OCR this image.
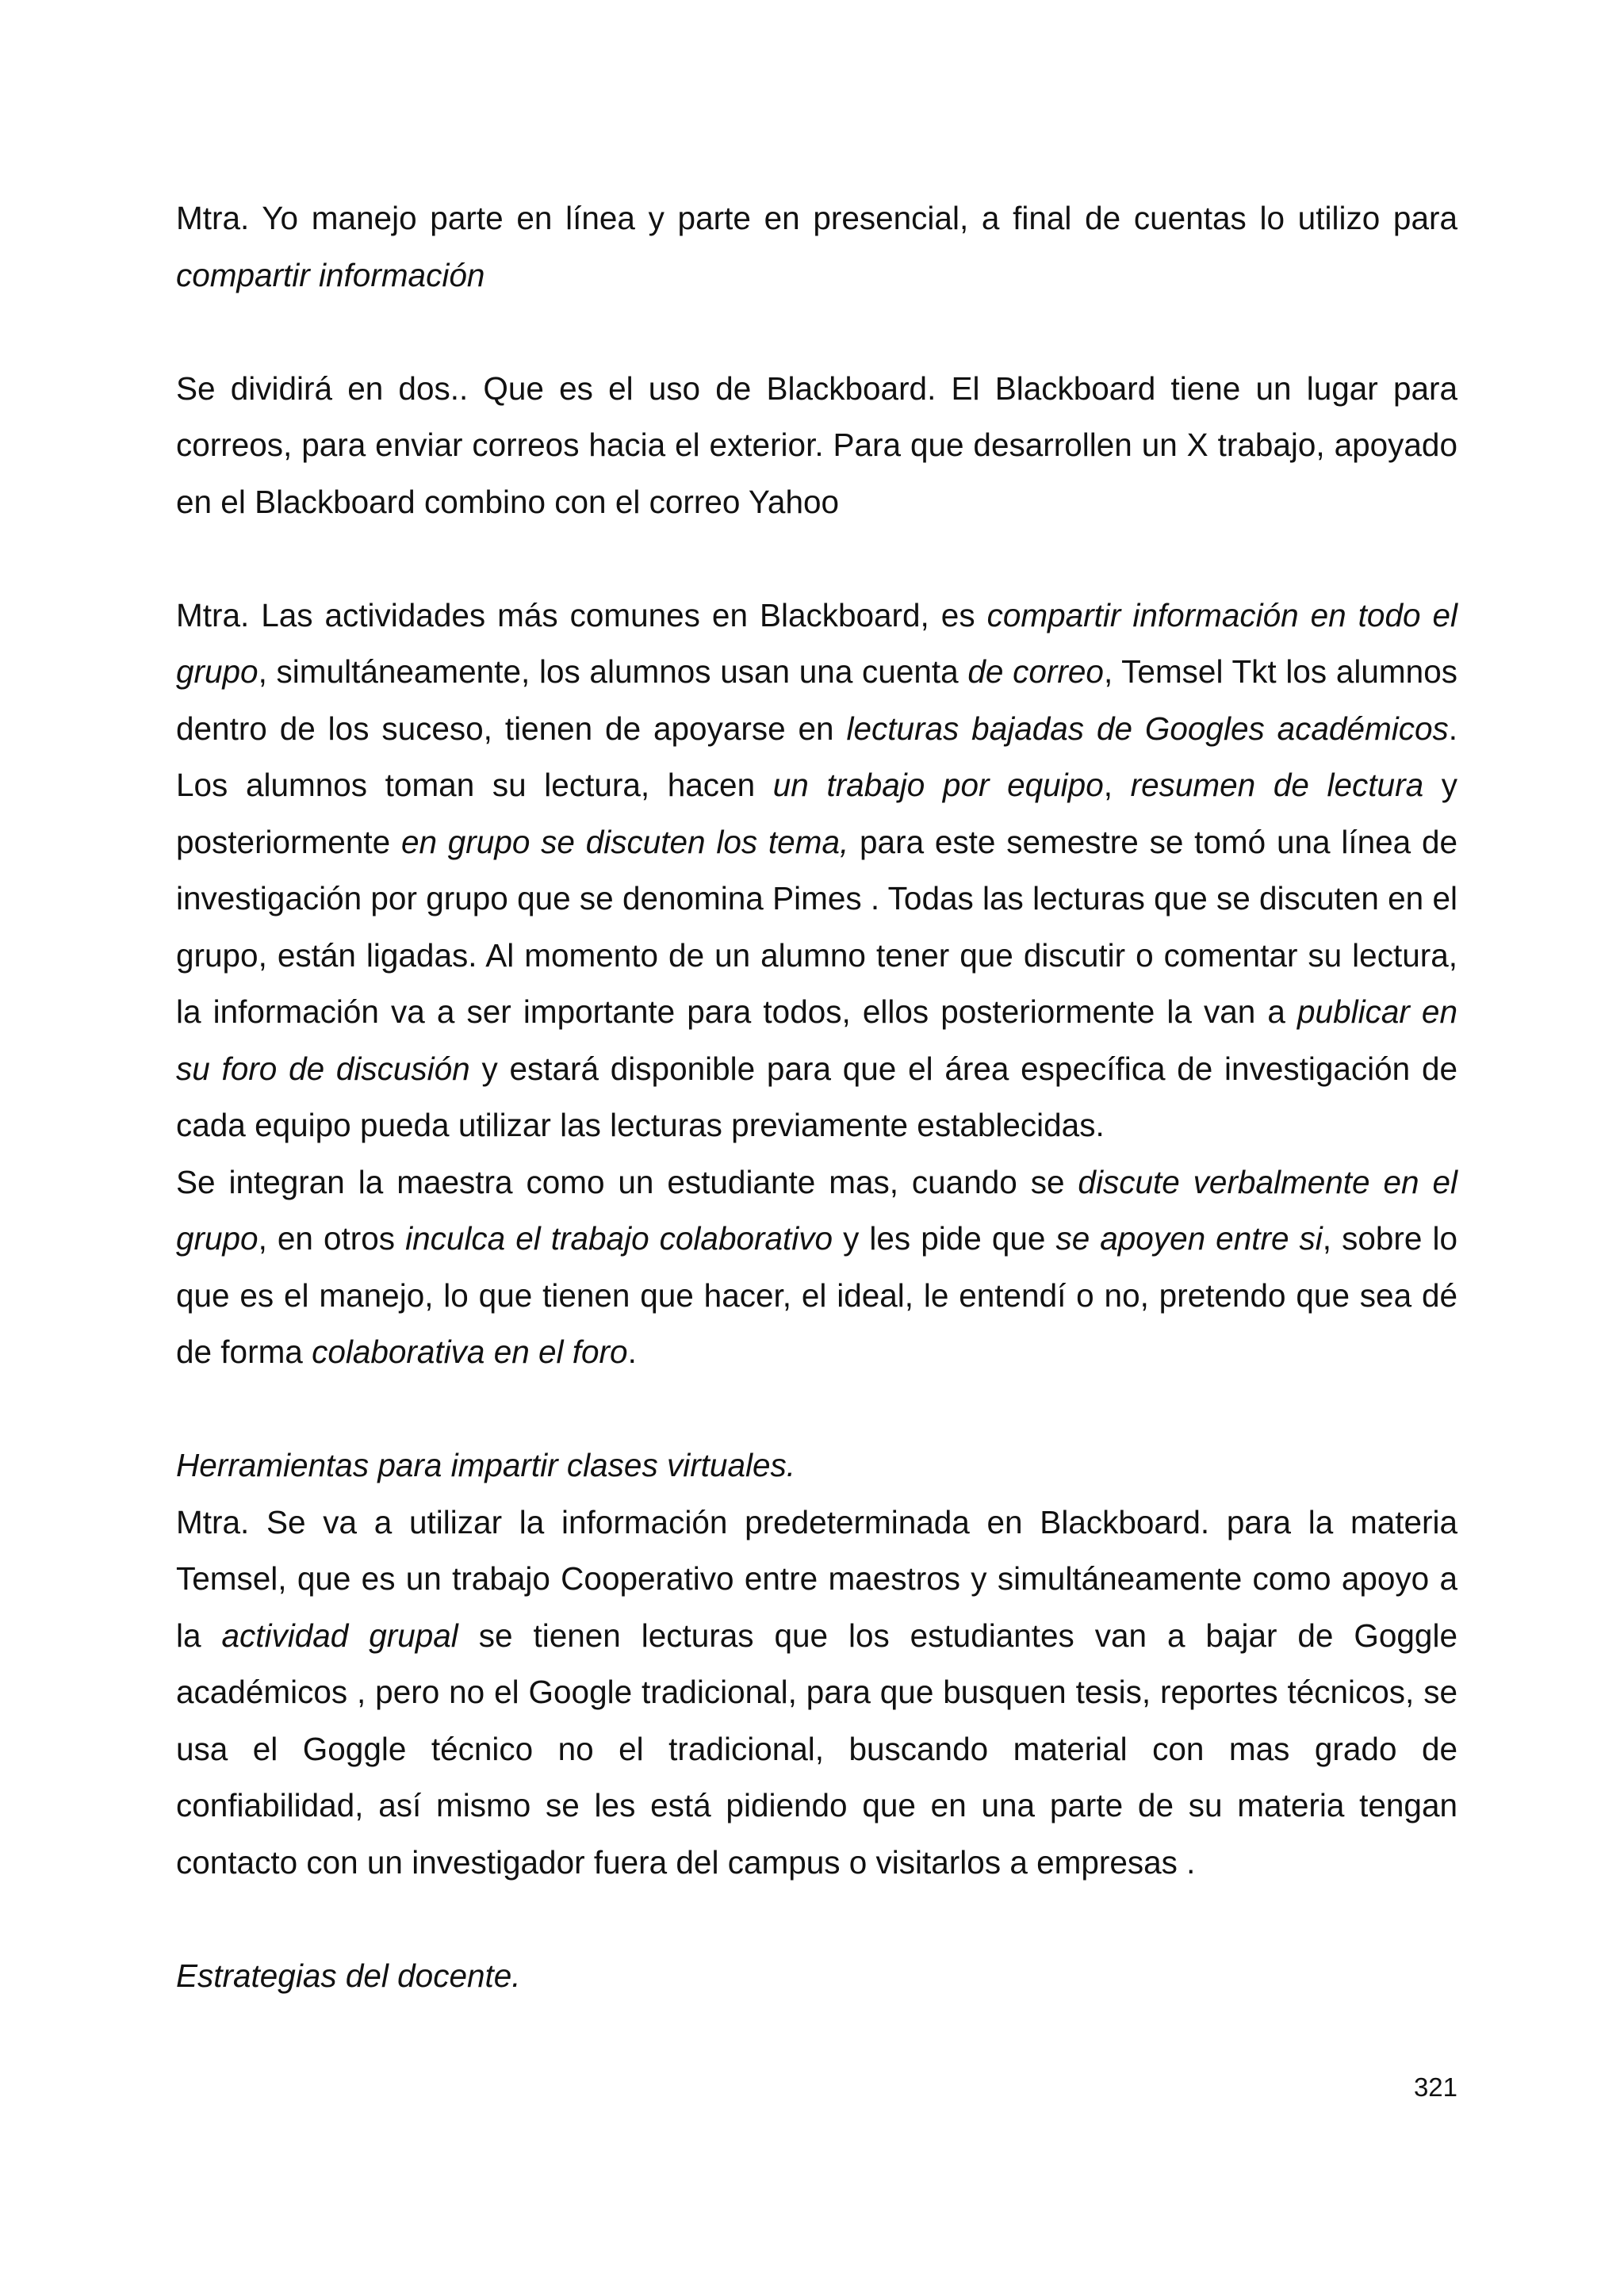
Mtra. Yo manejo parte en línea y parte en presencial, a final de cuentas lo utilizo para compartir información

Se dividirá en dos.. Que es el uso de Blackboard. El Blackboard tiene un lugar para correos, para enviar correos hacia el exterior. Para que desarrollen un X trabajo, apoyado en el Blackboard combino con el correo Yahoo

Mtra. Las actividades más comunes en Blackboard, es compartir información en todo el grupo, simultáneamente, los alumnos usan una cuenta de correo, Temsel Tkt los alumnos dentro de los suceso, tienen de apoyarse en lecturas bajadas de Googles académicos. Los alumnos toman su lectura, hacen un trabajo por equipo, resumen de lectura y posteriormente en grupo se discuten los tema, para este semestre se tomó una línea de investigación por grupo que se denomina Pimes . Todas las lecturas que se discuten en el grupo, están ligadas. Al momento de un alumno tener que discutir o comentar su lectura, la información va a ser importante para todos, ellos posteriormente la van a publicar en su foro de discusión y estará disponible para que el área específica de investigación de cada equipo pueda utilizar las lecturas previamente establecidas.

Se integran la maestra como un estudiante mas, cuando se discute verbalmente en el grupo, en otros inculca el trabajo colaborativo y les pide que se apoyen entre si, sobre lo que es el manejo, lo que tienen que hacer, el ideal, le entendí o no, pretendo que sea dé de forma colaborativa en el foro.

Herramientas para impartir clases virtuales.

Mtra. Se va a utilizar la información predeterminada en Blackboard. para la materia Temsel, que es un trabajo Cooperativo entre maestros y simultáneamente como apoyo a la actividad grupal se tienen lecturas que los estudiantes van a bajar de Goggle académicos , pero no el Google tradicional, para que busquen tesis, reportes técnicos, se usa el Goggle técnico no el tradicional, buscando material con mas grado de confiabilidad, así mismo se les está pidiendo que en una parte de su materia tengan contacto con un investigador fuera del campus o visitarlos a empresas .

Estrategias del docente.

321
